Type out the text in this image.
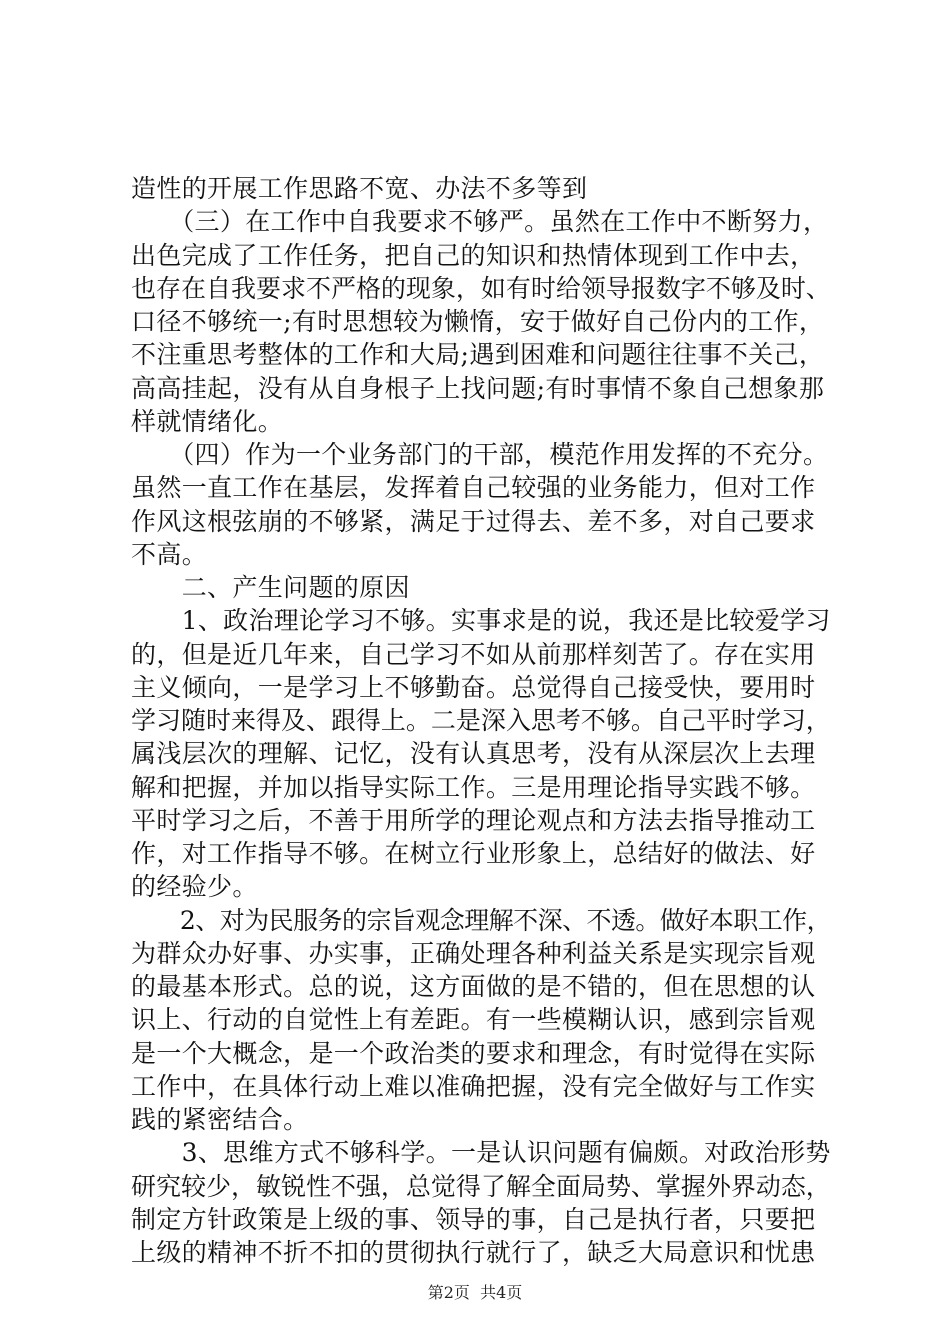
造性的开展工作思路不宽、办法不多等到
　　（三）在工作中自我要求不够严。虽然在工作中不断努力，
出色完成了工作任务，把自己的知识和热情体现到工作中去，
也存在自我要求不严格的现象，如有时给领导报数字不够及时、
口径不够统一;有时思想较为懒惰，安于做好自己份内的工作，
不注重思考整体的工作和大局;遇到困难和问题往往事不关己，
高高挂起，没有从自身根子上找问题;有时事情不象自己想象那
样就情绪化。
　　（四）作为一个业务部门的干部，模范作用发挥的不充分。
虽然一直工作在基层，发挥着自己较强的业务能力，但对工作
作风这根弦崩的不够紧，满足于过得去、差不多，对自己要求
不高。
　　二、产生问题的原因
　　1、政治理论学习不够。实事求是的说，我还是比较爱学习
的，但是近几年来，自己学习不如从前那样刻苦了。存在实用
主义倾向，一是学习上不够勤奋。总觉得自己接受快，要用时
学习随时来得及、跟得上。二是深入思考不够。自己平时学习，
属浅层次的理解、记忆，没有认真思考，没有从深层次上去理
解和把握，并加以指导实际工作。三是用理论指导实践不够。
平时学习之后，不善于用所学的理论观点和方法去指导推动工
作，对工作指导不够。在树立行业形象上，总结好的做法、好
的经验少。
　　2、对为民服务的宗旨观念理解不深、不透。做好本职工作，
为群众办好事、办实事，正确处理各种利益关系是实现宗旨观
的最基本形式。总的说，这方面做的是不错的，但在思想的认
识上、行动的自觉性上有差距。有一些模糊认识，感到宗旨观
是一个大概念，是一个政治类的要求和理念，有时觉得在实际
工作中，在具体行动上难以准确把握，没有完全做好与工作实
践的紧密结合。
　　3、思维方式不够科学。一是认识问题有偏颇。对政治形势
研究较少，敏锐性不强，总觉得了解全面局势、掌握外界动态，
制定方针政策是上级的事、领导的事，自己是执行者，只要把
上级的精神不折不扣的贯彻执行就行了，缺乏大局意识和忧患
第2页  共4页
